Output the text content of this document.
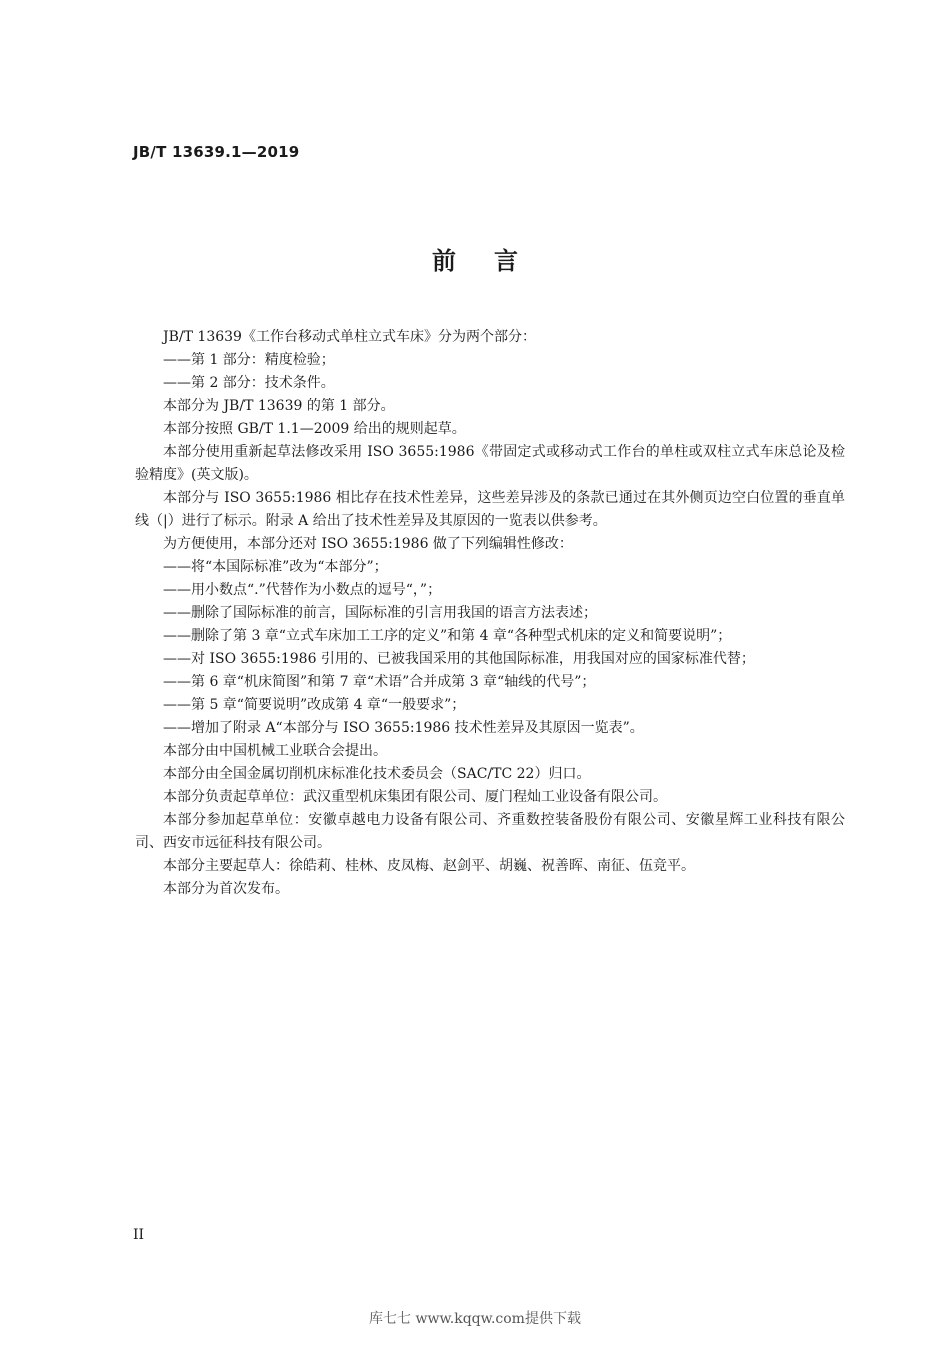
JB/T 13639.1—2019
前言

JB/T 13639《工作台移动式单柱立式车床》分为两个部分：

——第 1 部分：精度检验；

——第 2 部分：技术条件。

本部分为 JB/T 13639 的第 1 部分。

本部分按照 GB/T 1.1—2009 给出的规则起草。

本部分使用重新起草法修改采用 ISO 3655:1986《带固定式或移动式工作台的单柱或双柱立式车床总论及检验精度》(英文版)。

本部分与 ISO 3655:1986 相比存在技术性差异，这些差异涉及的条款已通过在其外侧页边空白位置的垂直单线（|）进行了标示。附录 A 给出了技术性差异及其原因的一览表以供参考。

为方便使用，本部分还对 ISO 3655:1986 做了下列编辑性修改：

——将“本国际标准”改为“本部分”；

——用小数点“.”代替作为小数点的逗号“，”；

——删除了国际标准的前言，国际标准的引言用我国的语言方法表述；

——删除了第 3 章“立式车床加工工序的定义”和第 4 章“各种型式机床的定义和简要说明”；

——对 ISO 3655:1986 引用的、已被我国采用的其他国际标准，用我国对应的国家标准代替；

——第 6 章“机床简图”和第 7 章“术语”合并成第 3 章“轴线的代号”；

——第 5 章“简要说明”改成第 4 章“一般要求”；

——增加了附录 A“本部分与 ISO 3655:1986 技术性差异及其原因一览表”。

本部分由中国机械工业联合会提出。

本部分由全国金属切削机床标准化技术委员会（SAC/TC 22）归口。

本部分负责起草单位：武汉重型机床集团有限公司、厦门程灿工业设备有限公司。

本部分参加起草单位：安徽卓越电力设备有限公司、齐重数控装备股份有限公司、安徽星辉工业科技有限公司、西安市远征科技有限公司。

本部分主要起草人：徐皓莉、桂林、皮凤梅、赵剑平、胡巍、祝善晖、南征、伍竞平。

本部分为首次发布。

II
库七七 www.kqqw.com提供下载
